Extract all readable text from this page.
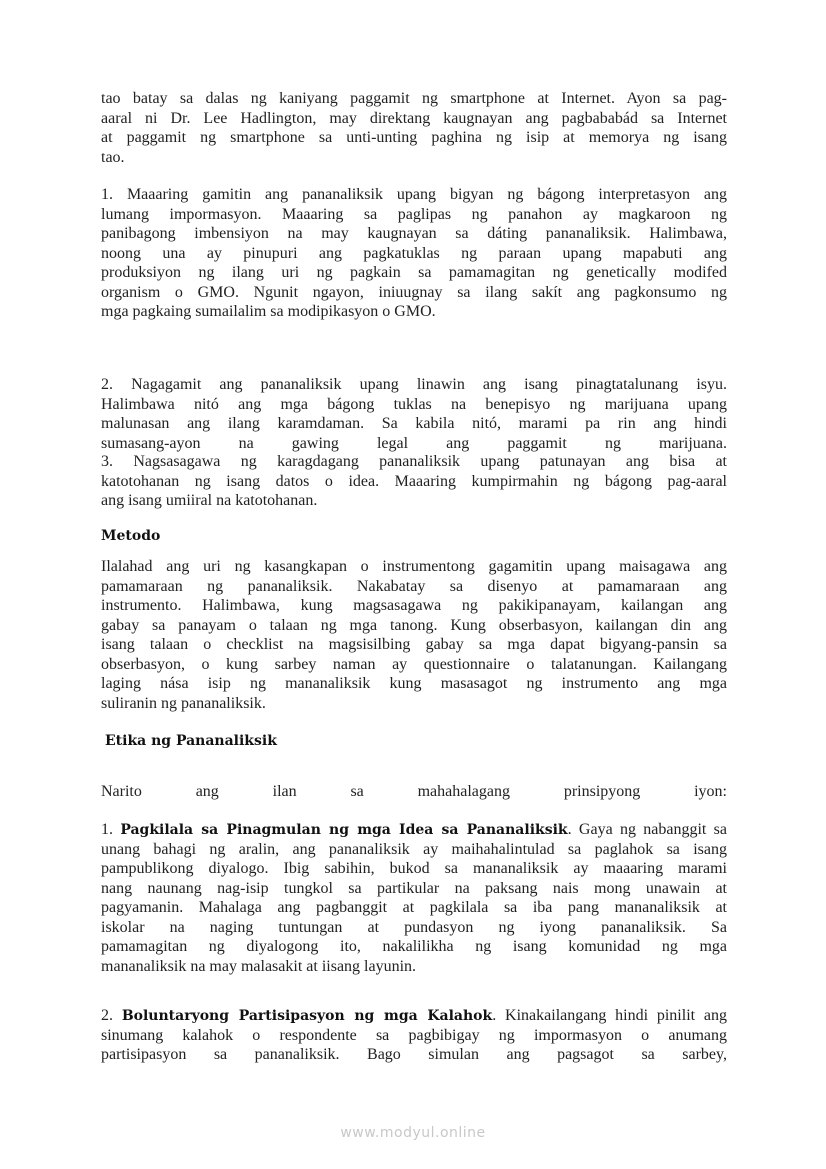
tao batay sa dalas ng kaniyang paggamit ng smartphone at Internet. Ayon sa pag-
aaral ni Dr. Lee Hadlington, may direktang kaugnayan ang pagbababád sa Internet
at paggamit ng smartphone sa unti-unting paghina ng isip at memorya ng isang
tao.
1. Maaaring gamitin ang pananaliksik upang bigyan ng bágong interpretasyon ang
lumang impormasyon. Maaaring sa paglipas ng panahon ay magkaroon ng
panibagong imbensiyon na may kaugnayan sa dáting pananaliksik. Halimbawa,
noong una ay pinupuri ang pagkatuklas ng paraan upang mapabuti ang
produksiyon ng ilang uri ng pagkain sa pamamagitan ng genetically modifed
organism o GMO. Ngunit ngayon, iniuugnay sa ilang sakít ang pagkonsumo ng
mga pagkaing sumailalim sa modipikasyon o GMO.
2. Nagagamit ang pananaliksik upang linawin ang isang pinagtatalunang isyu.
Halimbawa nitó ang mga bágong tuklas na benepisyo ng marijuana upang
malunasan ang ilang karamdaman. Sa kabila nitó, marami pa rin ang hindi
sumasang-ayon na gawing legal ang paggamit ng marijuana.
3. Nagsasagawa ng karagdagang pananaliksik upang patunayan ang bisa at
katotohanan ng isang datos o idea. Maaaring kumpirmahin ng bágong pag-aaral
ang isang umiiral na katotohanan.
Metodo
Ilalahad ang uri ng kasangkapan o instrumentong gagamitin upang maisagawa ang
pamamaraan ng pananaliksik. Nakabatay sa disenyo at pamamaraan ang
instrumento. Halimbawa, kung magsasagawa ng pakikipanayam, kailangan ang
gabay sa panayam o talaan ng mga tanong. Kung obserbasyon, kailangan din ang
isang talaan o checklist na magsisilbing gabay sa mga dapat bigyang-pansin sa
obserbasyon, o kung sarbey naman ay questionnaire o talatanungan. Kailangang
laging nása isip ng mananaliksik kung masasagot ng instrumento ang mga
suliranin ng pananaliksik.
Etika ng Pananaliksik
Narito ang ilan sa mahahalagang prinsipyong iyon:
1. Pagkilala sa Pinagmulan ng mga Idea sa Pananaliksik. Gaya ng nabanggit sa
unang bahagi ng aralin, ang pananaliksik ay maihahalintulad sa paglahok sa isang
pampublikong diyalogo. Ibig sabihin, bukod sa mananaliksik ay maaaring marami
nang naunang nag-isip tungkol sa partikular na paksang nais mong unawain at
pagyamanin. Mahalaga ang pagbanggit at pagkilala sa iba pang mananaliksik at
iskolar na naging tuntungan at pundasyon ng iyong pananaliksik. Sa
pamamagitan ng diyalogong ito, nakalilikha ng isang komunidad ng mga
mananaliksik na may malasakit at iisang layunin.
2. Boluntaryong Partisipasyon ng mga Kalahok. Kinakailangang hindi pinilit ang
sinumang kalahok o respondente sa pagbibigay ng impormasyon o anumang
partisipasyon sa pananaliksik. Bago simulan ang pagsagot sa sarbey,
www.modyul.online
